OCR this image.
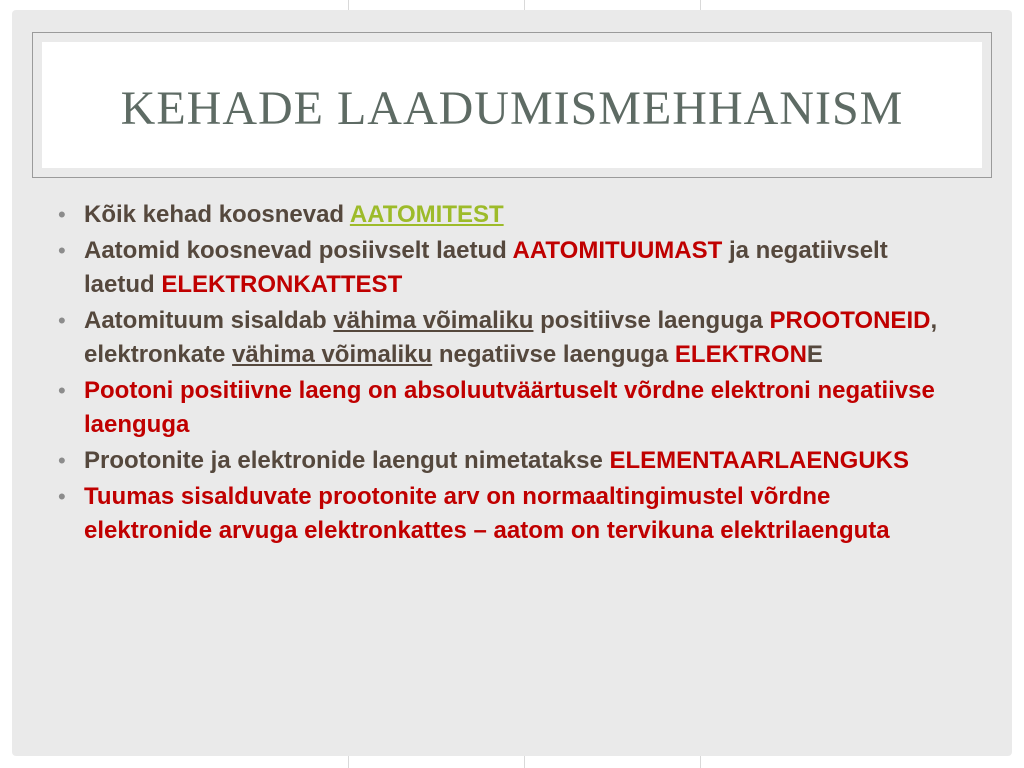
KEHADE LAADUMISMEHHANISM
• Kõik kehad koosnevad AATOMITEST
• Aatomid koosnevad posiivselt laetud AATOMITUUMAST ja negatiivselt laetud ELEKTRONKATTEST
• Aatomituum sisaldab vähima võimaliku positiivse laenguga PROOTONEID, elektronkate vähima võimaliku negatiivse laenguga ELEKTRONE
• Pootoni positiivne laeng on absoluutväärtuselt võrdne elektroni negatiivse laenguga
• Prootonite ja elektronide laengut nimetatakse ELEMENTAARLAENGUKS
• Tuumas sisalduvate prootonite arv on normaaltingimustel võrdne elektronide arvuga elektronkattes – aatom on tervikuna elektrilaenguta
